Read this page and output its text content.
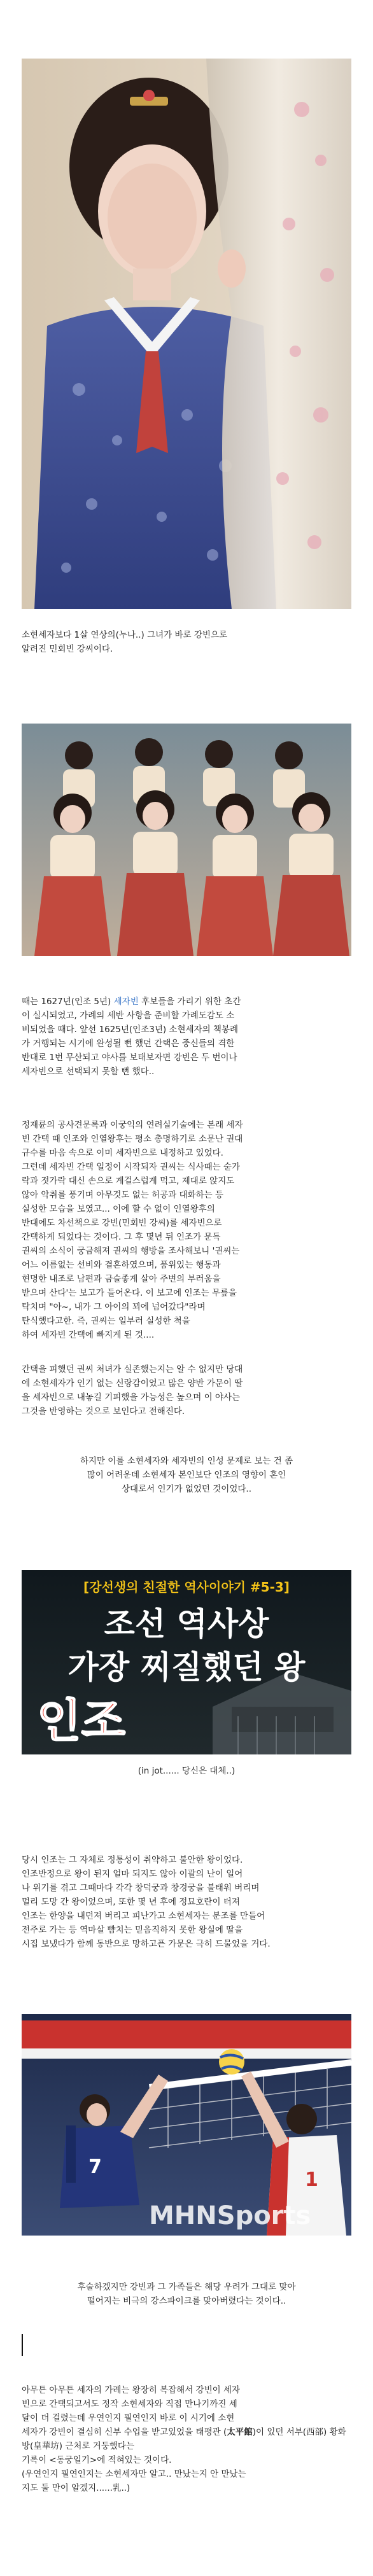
소현세자보다 1살 연상의(누나..) 그녀가 바로 강빈으로
알려진 민회빈 강씨이다.
때는 1627년(인조 5년) 세자빈 후보들을 가리기 위한 초간
이 실시되었고, 가례의 세반 사항을 준비할 가례도감도 소
비되었을 때다. 앞선 1625년(인조3년) 소현세자의 책봉례
가 거행되는 시기에 완성될 뻔 했던 간택은 중신들의 격한
반대로 1번 무산되고 야사를 보태보자면 강빈은 두 번이나
세자빈으로 선택되지 못할 뻔 했다..
정재륜의 공사견문록과 이궁익의 연려실기술에는 본래 세자
빈 간택 때 인조와 인열왕후는 평소 총명하기로 소문난 권대
규수를 마음 속으로 이미 세자빈으로 내정하고 있었다.
그런데 세자빈 간택 일정이 시작되자 권씨는 식사때는 숟가
락과 젓가락 대신 손으로 게걸스럽게 먹고, 제대로 앉지도
않아 악취를 풍기며 아무것도 없는 허공과 대화하는 등
실성한 모습을 보였고... 이에 할 수 없이 인열왕후의
반대에도 차선책으로 강빈(민회빈 강씨)를 세자빈으로
간택하게 되었다는 것이다. 그 후 몇년 뒤 인조가 문득
권씨의 소식이 궁금해져 권씨의 행방을 조사해보니 '권씨는
어느 이름없는 선비와 결혼하였으며, 품위있는 행동과
현명한 내조로 남편과 금슬좋게 살아 주변의 부러움을
받으며 산다'는 보고가 들어온다. 이 보고에 인조는 무릎을
탁치며 "아~, 내가 그 아이의 꾀에 넘어갔다"라며
탄식했다고한. 즉, 권씨는 일부러 실성한 척을
하여 세자빈 간택에 빠지게 된 것....
간택을 피했던 권씨 처녀가 실존했는지는 알 수 없지만 당대
에 소현세자가 인기 없는 신랑감이었고 많은 양반 가문이 딸
을 세자빈으로 내놓길 기피했을 가능성은 높으며 이 야사는
그것을 반영하는 것으로 보인다고 전해진다.
하지만 이를 소현세자와 세자빈의 인성 문제로 보는 건 좀
많이 어려운데 소현세자 본인보단 인조의 영향이 혼인
상대로서 인기가 없었던 것이었다..
[강선생의 친절한 역사이야기 #5-3]
조선 역사상
가장 찌질했던 왕
인조
(in jot...... 당신은 대체..)
당시 인조는 그 자체로 정통성이 취약하고 불안한 왕이었다.
인조반정으로 왕이 된지 얼마 되지도 않아 이괄의 난이 일어
나 위기를 겪고 그때마다 각각 창덕궁과 창경궁을 불태워 버리며
멀리 도망 간 왕이었으며, 또한 몇 년 후에 정묘호란이 터져
인조는 한양을 내던져 버리고 피난가고 소현세자는 분조를 만들어
전주로 가는 등 역마살 뺨치는 믿음직하지 못한 왕실에 딸을
시집 보냈다가 함께 동반으로 망하고픈 가문은 극히 드물었을 거다.
7
1
MHNSports
후술하겠지만 강빈과 그 가족들은 해당 우려가 그대로 맞아
떨어지는 비극의 강스파이크를 맞아버렸다는 것이다..
아무튼 아무튼 세자의 가례는 왕장히 복잡해서 강빈이 세자
빈으로 간택되고서도 정작 소현세자와 직접 만나기까진 세
달이 더 걸렸는데 우연인지 필연인지 바로 이 시기에 소현
세자가 강빈이 결심히 신부 수업을 받고있었을 태평관 (太平館)이 있던 서부(西部) 황화방(皇華坊) 근처로 거둥했다는
기록이 <동궁일기>에 적혀있는 것이다.
(우연인지 필연인지는 소현세자만 알고.. 만났는지 안 만났는
지도 둘 만이 알겠지......乳..)
